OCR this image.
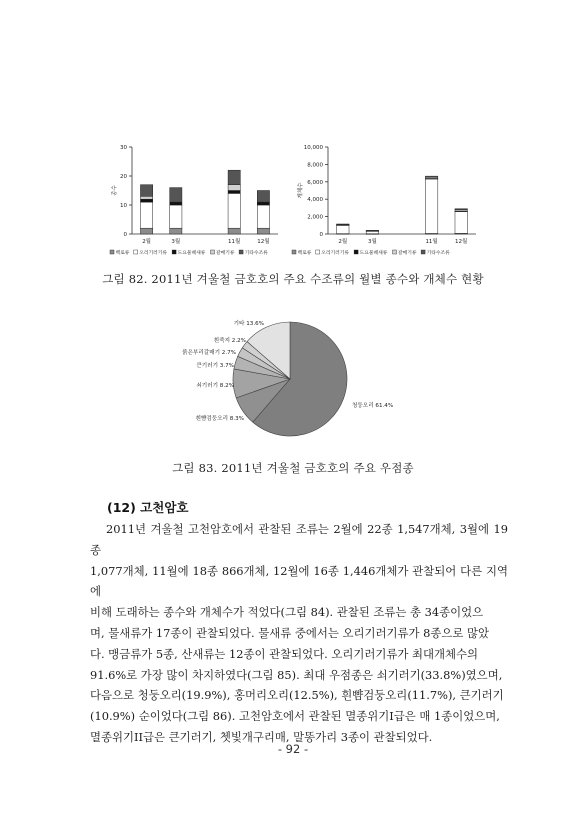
0
10
20
30
종수
2월	3월	11월	12월
백로류 오리기러기류 도요물떼새류 갈매기류 기타수조류
0
2,000
4,000
6,000
8,000
10,000
개체수
2월	3월	11월	12월
백로류 오리기러기류 도요물떼새류 갈매기류 기타수조류
그림 82. 2011년 겨울철 금호호의 주요 수조류의 월별 종수와 개체수 현황
청둥오리 61.4%
흰뺨검둥오리 8.3%
쇠기러기 8.2%
큰기러기 3.7%
붉은부리갈매기 2.7%
흰죽지 2.2%
기타 13.6%
그림 83. 2011년 겨울철 금호호의 주요 우점종
(12) 고천암호
2011년 겨울철 고천암호에서 관찰된 조류는 2월에 22종 1,547개체, 3월에 19종
1,077개체, 11월에 18종 866개체, 12월에 16종 1,446개체가 관찰되어 다른 지역에
비해 도래하는 종수와 개체수가 적었다(그림 84). 관찰된 조류는 총 34종이었으
며, 물새류가 17종이 관찰되었다. 물새류 중에서는 오리기러기류가 8종으로 많았
다. 맹금류가 5종, 산새류는 12종이 관찰되었다. 오리기러기류가 최대개체수의
91.6%로 가장 많이 차지하였다(그림 85). 최대 우점종은 쇠기러기(33.8%)였으며,
다음으로 청둥오리(19.9%), 홍머리오리(12.5%), 흰뺨검둥오리(11.7%), 큰기러기
(10.9%) 순이었다(그림 86). 고천암호에서 관찰된 멸종위기I급은 매 1종이었으며,
멸종위기II급은 큰기러기, 쳇빛개구리매, 말똥가리 3종이 관찰되었다.
- 92 -
